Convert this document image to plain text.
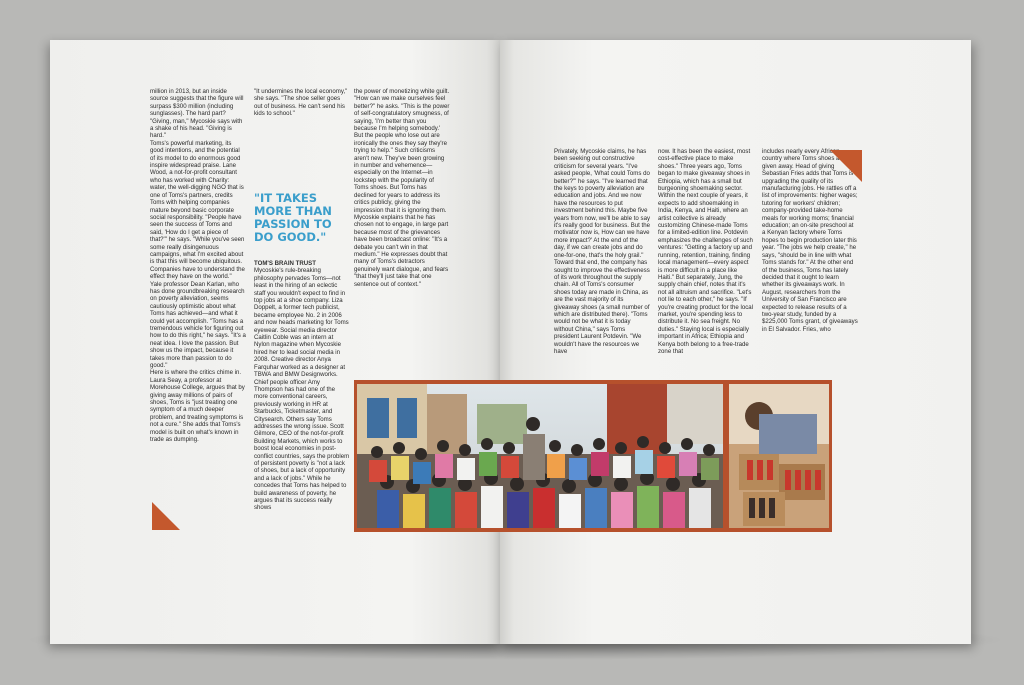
million in 2013, but an inside source suggests that the figure will surpass $300 million (including sunglasses). The hard part? "Giving, man," Mycoskie says with a shake of his head. "Giving is hard."

Toms's powerful marketing, its good intentions, and the potential of its model to do enormous good inspire widespread praise. Lane Wood, a not-for-profit consultant who has worked with Charity: water, the well-digging NGO that is one of Toms's partners, credits Toms with helping companies mature beyond basic corporate social responsibility. "People have seen the success of Toms and said, 'How do I get a piece of that?'" he says. "While you've seen some really disingenuous campaigns, what I'm excited about is that this will become ubiquitous. Companies have to understand the effect they have on the world."

Yale professor Dean Karlan, who has done groundbreaking research on poverty alleviation, seems cautiously optimistic about what Toms has achieved—and what it could yet accomplish. "Toms has a tremendous vehicle for figuring out how to do this right," he says. "It's a neat idea. I love the passion. But show us the impact, because it takes more than passion to do good."

Here is where the critics chime in. Laura Seay, a professor at Morehouse College, argues that by giving away millions of pairs of shoes, Toms is "just treating one symptom of a much deeper problem, and treating symptoms is not a cure." She adds that Toms's model is built on what's known in trade as dumping.

"It undermines the local economy," she says. "The shoe seller goes out of business. He can't send his kids to school."

"IT TAKES MORE THAN PASSION TO DO GOOD."

TOM'S BRAIN TRUST

Mycoskie's rule-breaking philosophy pervades Toms—not least in the hiring of an eclectic staff you wouldn't expect to find in top jobs at a shoe company. Liza Doppelt, a former tech publicist, became employee No. 2 in 2006 and now heads marketing for Toms eyewear. Social media director Caitlin Coble was an intern at Nylon magazine when Mycoskie hired her to lead social media in 2008. Creative director Anya Farquhar worked as a designer at TBWA and BMW Designworks. Chief people officer Amy Thompson has had one of the more conventional careers, previously working in HR at Starbucks, Ticketmaster, and Citysearch. Others say Toms addresses the wrong issue. Scott Gilmore, CEO of the not-for-profit Building Markets, which works to boost local economies in post-conflict countries, says the problem of persistent poverty is "not a lack of shoes, but a lack of opportunity and a lack of jobs." While he concedes that Toms has helped to build awareness of poverty, he argues that its success really shows

the power of monetizing white guilt. "How can we make ourselves feel better?" he asks. "This is the power of self-congratulatory smugness, of saying, 'I'm better than you because I'm helping somebody.' But the people who lose out are ironically the ones they say they're trying to help." Such criticisms aren't new. They've been growing in number and vehemence—especially on the Internet—in lockstep with the popularity of Toms shoes. But Toms has declined for years to address its critics publicly, giving the impression that it is ignoring them. Mycoskie explains that he has chosen not to engage, in large part because most of the grievances have been broadcast online: "It's a debate you can't win in that medium." He expresses doubt that many of Toms's detractors genuinely want dialogue, and fears "that they'll just take that one sentence out of context."

Privately, Mycoskie claims, he has been seeking out constructive criticism for several years. "I've asked people, 'What could Toms do better?'" he says. "I've learned that the keys to poverty alleviation are education and jobs. And we now have the resources to put investment behind this. Maybe five years from now, we'll be able to say it's really good for business. But the motivator now is, How can we have more impact?' At the end of the day, if we can create jobs and do one-for-one, that's the holy grail." Toward that end, the company has sought to improve the effectiveness of its work throughout the supply chain. All of Toms's consumer shoes today are made in China, as are the vast majority of its giveaway shoes (a small number of which are distributed there). "Toms would not be what it is today without China," says Toms president Laurent Potdevin. "We wouldn't have the resources we have

now. It has been the easiest, most cost-effective place to make shoes." Three years ago, Toms began to make giveaway shoes in Ethiopia, which has a small but burgeoning shoemaking sector. Within the next couple of years, it expects to add shoemaking in India, Kenya, and Haiti, where an artist collective is already customizing Chinese-made Toms for a limited-edition line. Potdevin emphasizes the challenges of such ventures: "Getting a factory up and running, retention, training, finding local management—every aspect is more difficult in a place like Haiti." But separately, Jung, the supply chain chief, notes that it's not all altruism and sacrifice. "Let's not lie to each other," he says. "If you're creating product for the local market, you're spending less to distribute it. No sea freight. No duties." Staying local is especially important in Africa; Ethiopia and Kenya both belong to a free-trade zone that

includes nearly every African country where Toms shoes are given away. Head of giving Sebastian Fries adds that Toms is upgrading the quality of its manufacturing jobs. He rattles off a list of improvements: higher wages; tutoring for workers' children; company-provided take-home meals for working moms; financial education; an on-site preschool at a Kenyan factory where Toms hopes to begin production later this year. "The jobs we help create," he says, "should be in line with what Toms stands for." At the other end of the business, Toms has lately decided that it ought to learn whether its giveaways work. In August, researchers from the University of San Francisco are expected to release results of a two-year study, funded by a $225,000 Toms grant, of giveaways in El Salvador. Fries, who
